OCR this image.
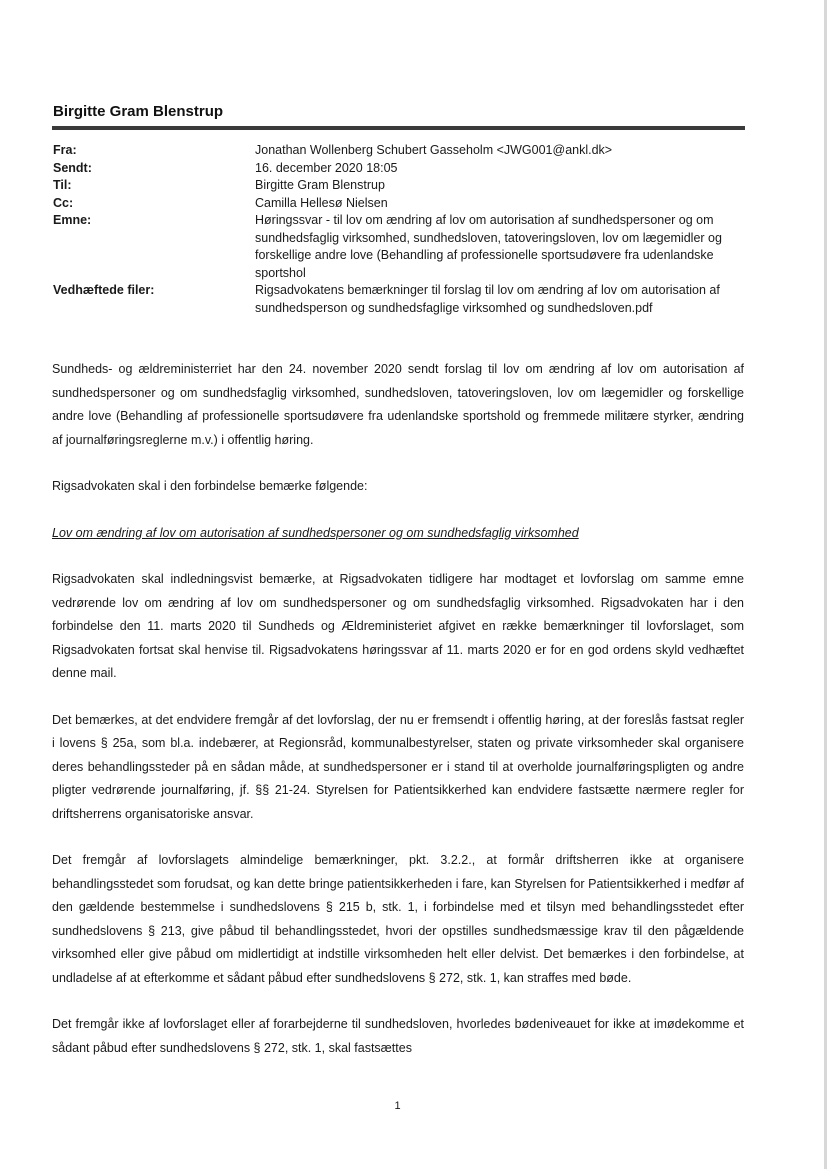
Birgitte Gram Blenstrup
Fra:	Jonathan Wollenberg Schubert Gasseholm <JWG001@ankl.dk>
Sendt:	16. december 2020 18:05
Til:	Birgitte Gram Blenstrup
Cc:	Camilla Hellesø Nielsen
Emne:	Høringssvar - til lov om ændring af lov om autorisation af sundhedspersoner og om sundhedsfaglig virksomhed, sundhedsloven, tatoveringsloven, lov om lægemidler og forskellige andre love (Behandling af professionelle sportsudøvere fra udenlandske sportshol
Vedhæftede filer:	Rigsadvokatens bemærkninger til forslag til lov om ændring af lov om autorisation af sundhedsperson og sundhedsfaglige virksomhed og sundhedsloven.pdf

Sundheds- og ældreministerriet har den 24. november 2020 sendt forslag til lov om ændring af lov om autorisation af sundhedspersoner og om sundhedsfaglig virksomhed, sundhedsloven, tatoveringsloven, lov om lægemidler og forskellige andre love (Behandling af professionelle sportsudøvere fra udenlandske sportshold og fremmede militære styrker, ændring af journalføringsreglerne m.v.) i offentlig høring.

Rigsadvokaten skal i den forbindelse bemærke følgende:

Lov om ændring af lov om autorisation af sundhedspersoner og om sundhedsfaglig virksomhed

Rigsadvokaten skal indledningsvist bemærke, at Rigsadvokaten tidligere har modtaget et lovforslag om samme emne vedrørende lov om ændring af lov om sundhedspersoner og om sundhedsfaglig virksomhed. Rigsadvokaten har i den forbindelse den 11. marts 2020 til Sundheds og Ældreministeriet afgivet en række bemærkninger til lovforslaget, som Rigsadvokaten fortsat skal henvise til. Rigsadvokatens høringssvar af 11. marts 2020 er for en god ordens skyld vedhæftet denne mail.

Det bemærkes, at det endvidere fremgår af det lovforslag, der nu er fremsendt i offentlig høring, at der foreslås fastsat regler i lovens § 25a, som bl.a. indebærer, at Regionsråd, kommunalbestyrelser, staten og private virksomheder skal organisere deres behandlingssteder på en sådan måde, at sundhedspersoner er i stand til at overholde journalføringspligten og andre pligter vedrørende journalføring, jf. §§ 21-24. Styrelsen for Patientsikkerhed kan endvidere fastsætte nærmere regler for driftsherrens organisatoriske ansvar.

Det fremgår af lovforslagets almindelige bemærkninger, pkt. 3.2.2., at formår driftsherren ikke at organisere behandlingsstedet som forudsat, og kan dette bringe patientsikkerheden i fare, kan Styrelsen for Patientsikkerhed i medfør af den gældende bestemmelse i sundhedslovens § 215 b, stk. 1, i forbindelse med et tilsyn med behandlingsstedet efter sundhedslovens § 213, give påbud til behandlingsstedet, hvori der opstilles sundhedsmæssige krav til den pågældende virksomhed eller give påbud om midlertidigt at indstille virksomheden helt eller delvist. Det bemærkes i den forbindelse, at undladelse af at efterkomme et sådant påbud efter sundhedslovens § 272, stk. 1, kan straffes med bøde.

Det fremgår ikke af lovforslaget eller af forarbejderne til sundhedsloven, hvorledes bødeniveauet for ikke at imødekomme et sådant påbud efter sundhedslovens § 272, stk. 1, skal fastsættes

1
